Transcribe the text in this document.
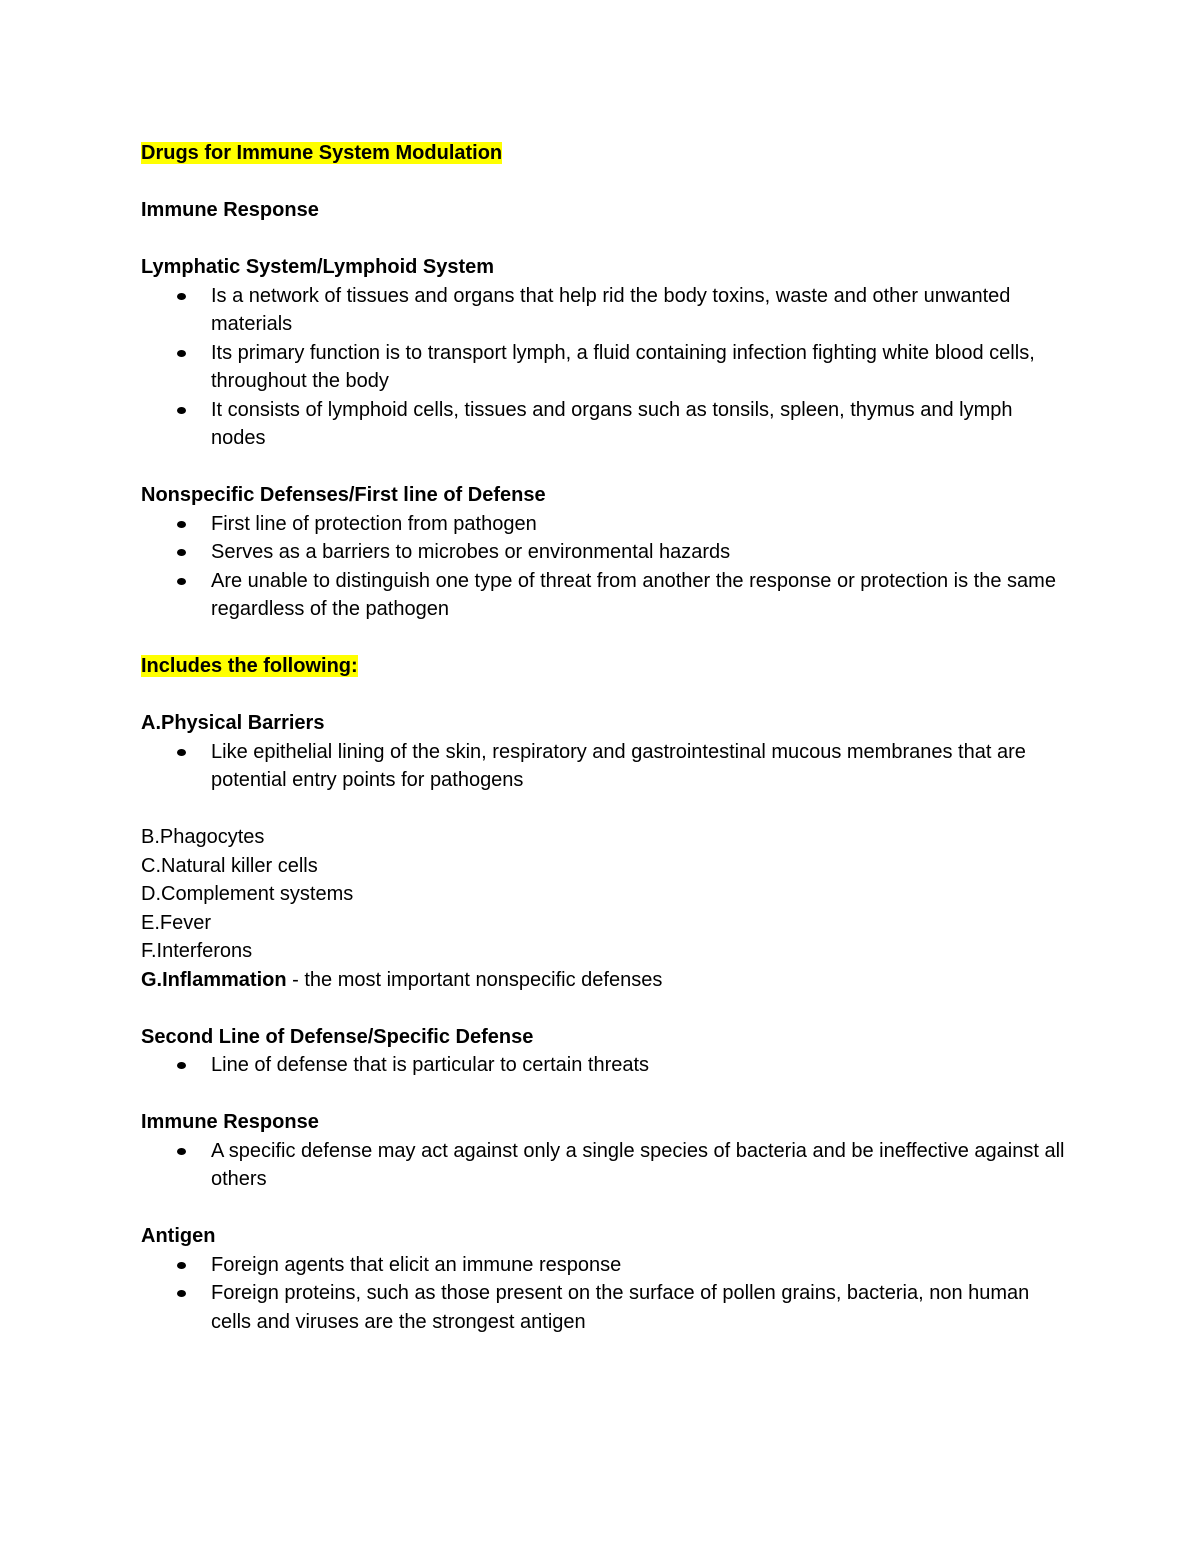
Drugs for Immune System Modulation

Immune Response

Lymphatic System/Lymphoid System

Is a network of tissues and organs that help rid the body toxins, waste and other unwanted materials
Its primary function is to transport lymph, a fluid containing infection fighting white blood cells, throughout the body
It consists of lymphoid cells, tissues and organs such as tonsils, spleen, thymus and lymph nodes

Nonspecific Defenses/First line of Defense

First line of protection from pathogen
Serves as a barriers to microbes or environmental hazards
Are unable to distinguish one type of threat from another the response or protection is the same regardless of the pathogen

Includes the following:

A.Physical Barriers

Like epithelial lining of the skin, respiratory and gastrointestinal mucous membranes that are potential entry points for pathogens

B.Phagocytes

C.Natural killer cells

D.Complement systems

E.Fever

F.Interferons

G.Inflammation - the most important nonspecific defenses

Second Line of Defense/Specific Defense

Line of defense that is particular to certain threats

Immune Response

A specific defense may act against only a single species of bacteria and be ineffective against all others

Antigen

Foreign agents that elicit an immune response
Foreign proteins, such as those present on the surface of pollen grains, bacteria, non human cells and viruses are the strongest antigen
